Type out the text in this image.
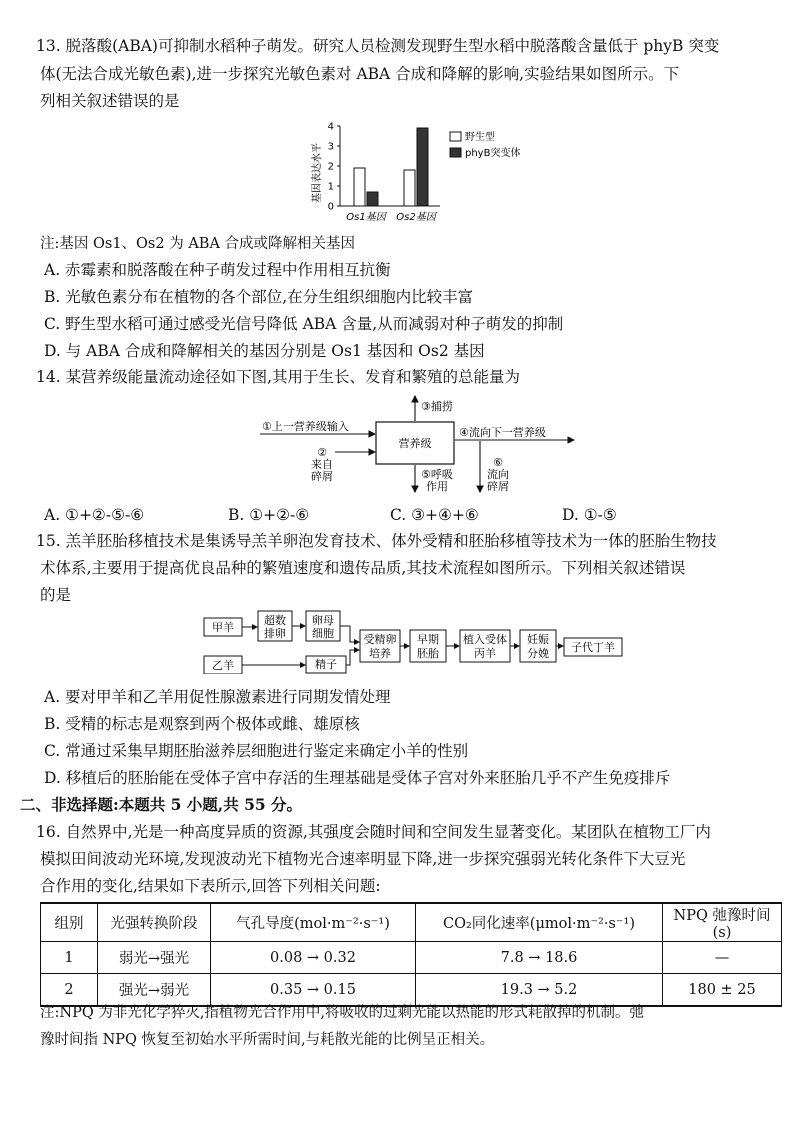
13. 脱落酸(ABA)可抑制水稻种子萌发。研究人员检测发现野生型水稻中脱落酸含量低于 phyB 突变
体(无法合成光敏色素),进一步探究光敏色素对 ABA 合成和降解的影响,实验结果如图所示。下
列相关叙述错误的是
基因表达水平
0
1
2
3
4
Os1基因 Os2基因
野生型
phyB突变体
注:基因 Os1、Os2 为 ABA 合成或降解相关基因
A. 赤霉素和脱落酸在种子萌发过程中作用相互抗衡
B. 光敏色素分布在植物的各个部位,在分生组织细胞内比较丰富
C. 野生型水稻可通过感受光信号降低 ABA 含量,从而减弱对种子萌发的抑制
D. 与 ABA 合成和降解相关的基因分别是 Os1 基因和 Os2 基因
14. 某营养级能量流动途径如下图,其用于生长、发育和繁殖的总能量为
营养级
①上一营养级输入
②
来自
碎屑
③捕捞
④流向下一营养级
⑤呼吸
作用
⑥
流向
碎屑
A. ①+②-⑤-⑥	B. ①+②-⑥	C. ③+④+⑥	D. ①-⑤
15. 羔羊胚胎移植技术是集诱导羔羊卵泡发育技术、体外受精和胚胎移植等技术为一体的胚胎生物技
术体系,主要用于提高优良品种的繁殖速度和遗传品质,其技术流程如图所示。下列相关叙述错误
的是
甲羊
超数
排卵
卵母
细胞
乙羊	精子
受精卵
培养
早期
胚胎
植入受体
丙羊
妊娠
分娩 子代丁羊
A. 要对甲羊和乙羊用促性腺激素进行同期发情处理
B. 受精的标志是观察到两个极体或雌、雄原核
C. 常通过采集早期胚胎滋养层细胞进行鉴定来确定小羊的性别
D. 移植后的胚胎能在受体子宫中存活的生理基础是受体子宫对外来胚胎几乎不产生免疫排斥
二、非选择题:本题共 5 小题,共 55 分。
16. 自然界中,光是一种高度异质的资源,其强度会随时间和空间发生显著变化。某团队在植物工厂内
模拟田间波动光环境,发现波动光下植物光合速率明显下降,进一步探究强弱光转化条件下大豆光
合作用的变化,结果如下表所示,回答下列相关问题:
组别	光强转换阶段	气孔导度(mol·m⁻²·s⁻¹)	CO₂同化速率(μmol·m⁻²·s⁻¹)	NPQ 弛豫时间(s)
1	弱光→强光	0.08 → 0.32	7.8 → 18.6	—
2	强光→弱光	0.35 → 0.15	19.3 → 5.2	180 ± 25
注:NPQ 为非光化学猝灭,指植物光合作用中,将吸收的过剩光能以热能的形式耗散掉的机制。弛
豫时间指 NPQ 恢复至初始水平所需时间,与耗散光能的比例呈正相关。
